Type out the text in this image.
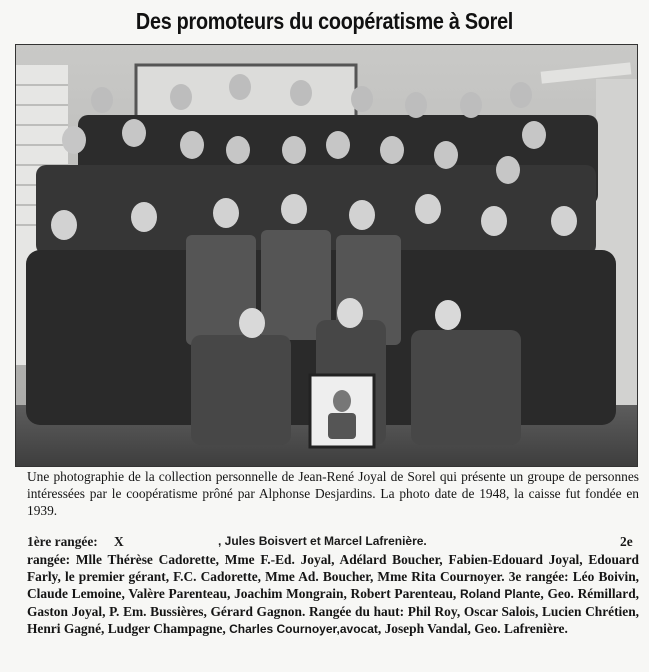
Des promoteurs du coopératisme à Sorel
Une photographie de la collection personnelle de Jean-René Joyal de Sorel qui présente un groupe de personnes intéressées par le coopératisme prôné par Alphonse Desjardins. La photo date de 1948, la caisse fut fondée en 1939.
1ère rangée: X	, Jules Boisvert et Marcel Lafrenière.	2e
rangée: Mlle Thérèse Cadorette, Mme F.-Ed. Joyal, Adélard Boucher, Fabien-Edouard Joyal, Edouard Farly, le premier gérant, F.C. Cadorette, Mme Ad. Boucher, Mme Rita Cournoyer. 3e rangée: Léo Boivin, Claude Lemoine, Valère Parenteau, Joachim Mongrain, Robert Parenteau, Roland Plante, Geo. Rémillard, Gaston Joyal, P. Em. Bussières, Gérard Gagnon. Rangée du haut: Phil Roy, Oscar Salois, Lucien Chrétien, Henri Gagné, Ludger Champagne, Charles Cournoyer,avocat, Joseph Vandal, Geo. Lafrenière.
